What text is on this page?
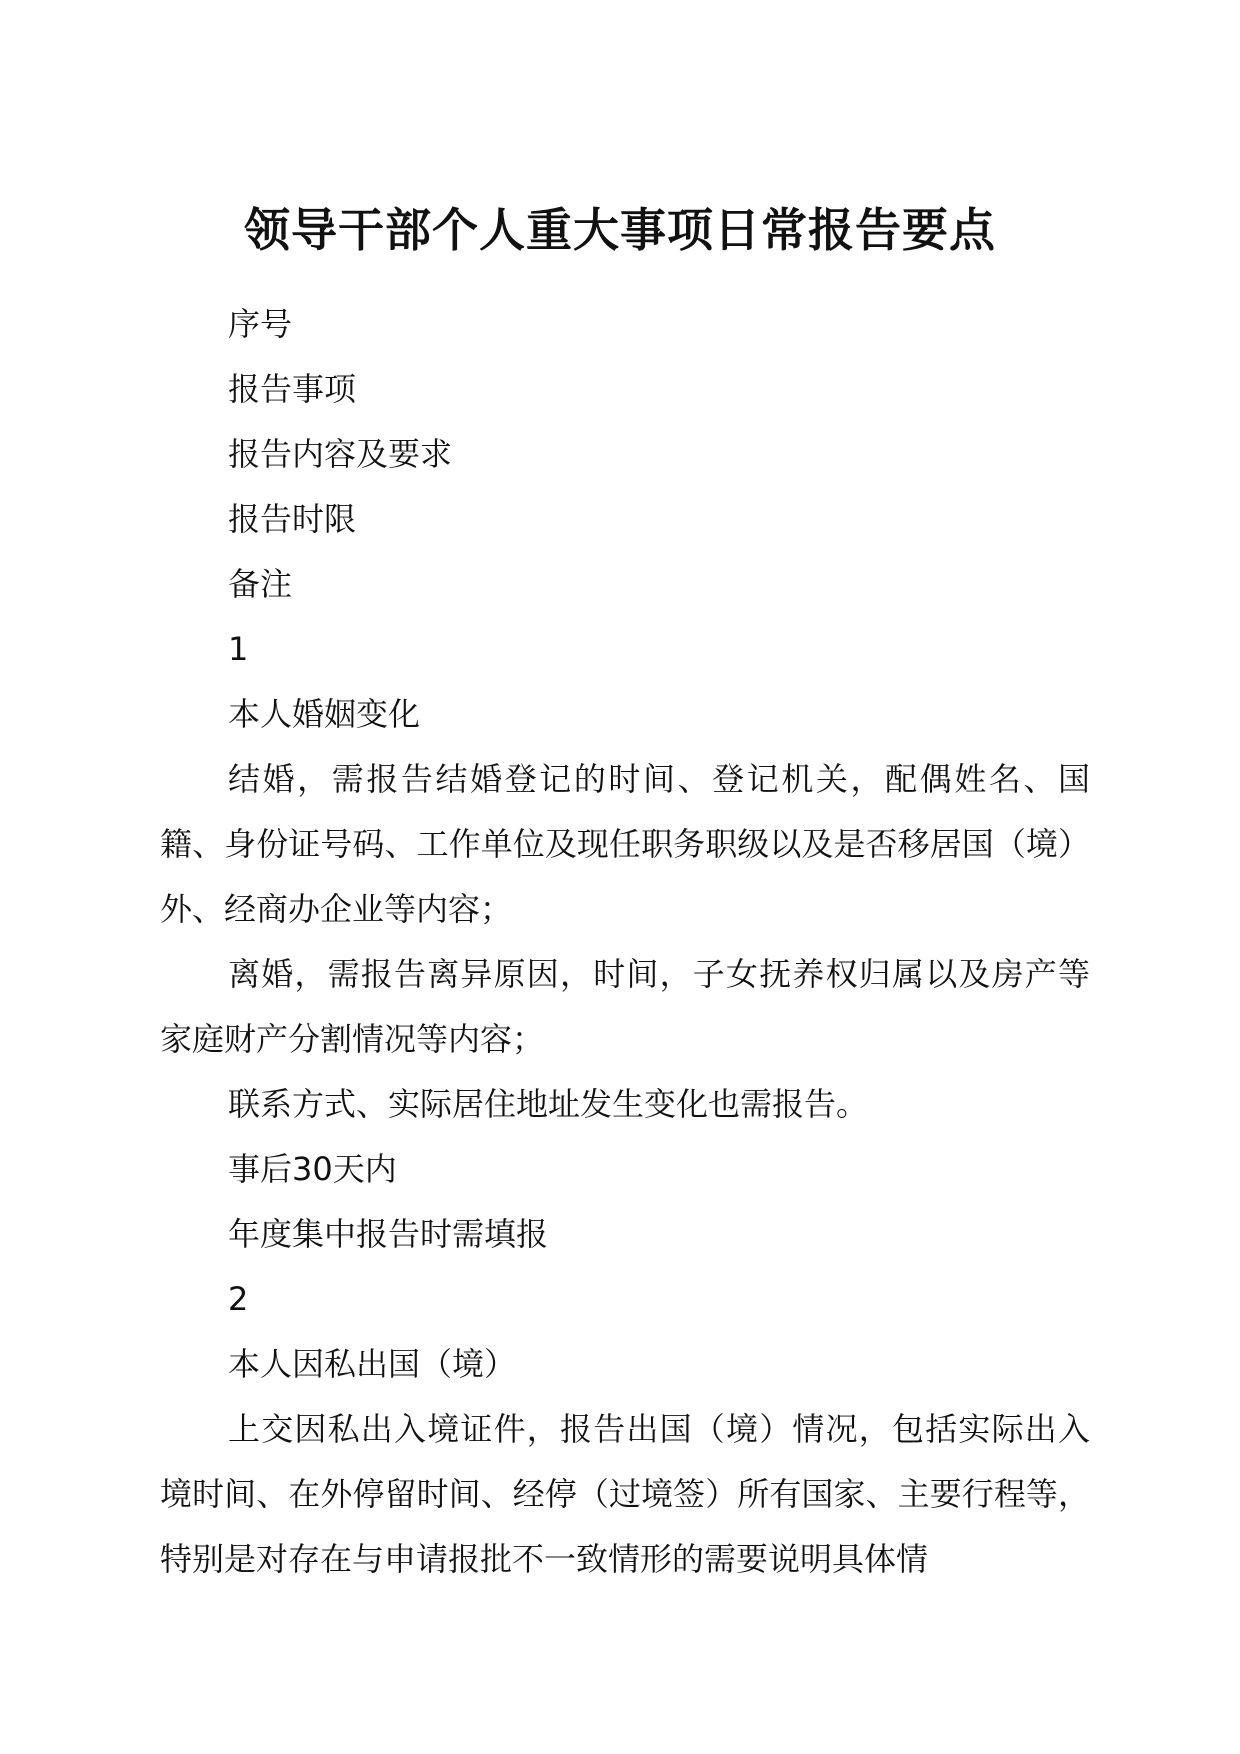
领导干部个人重大事项日常报告要点

序号

报告事项

报告内容及要求

报告时限

备注

1

本人婚姻变化

结婚，需报告结婚登记的时间、登记机关，配偶姓名、国籍、身份证号码、工作单位及现任职务职级以及是否移居国（境）外、经商办企业等内容；

离婚，需报告离异原因，时间，子女抚养权归属以及房产等家庭财产分割情况等内容；

联系方式、实际居住地址发生变化也需报告。

事后30天内

年度集中报告时需填报

2

本人因私出国（境）

上交因私出入境证件，报告出国（境）情况，包括实际出入境时间、在外停留时间、经停（过境签）所有国家、主要行程等，特别是对存在与申请报批不一致情形的需要说明具体情
